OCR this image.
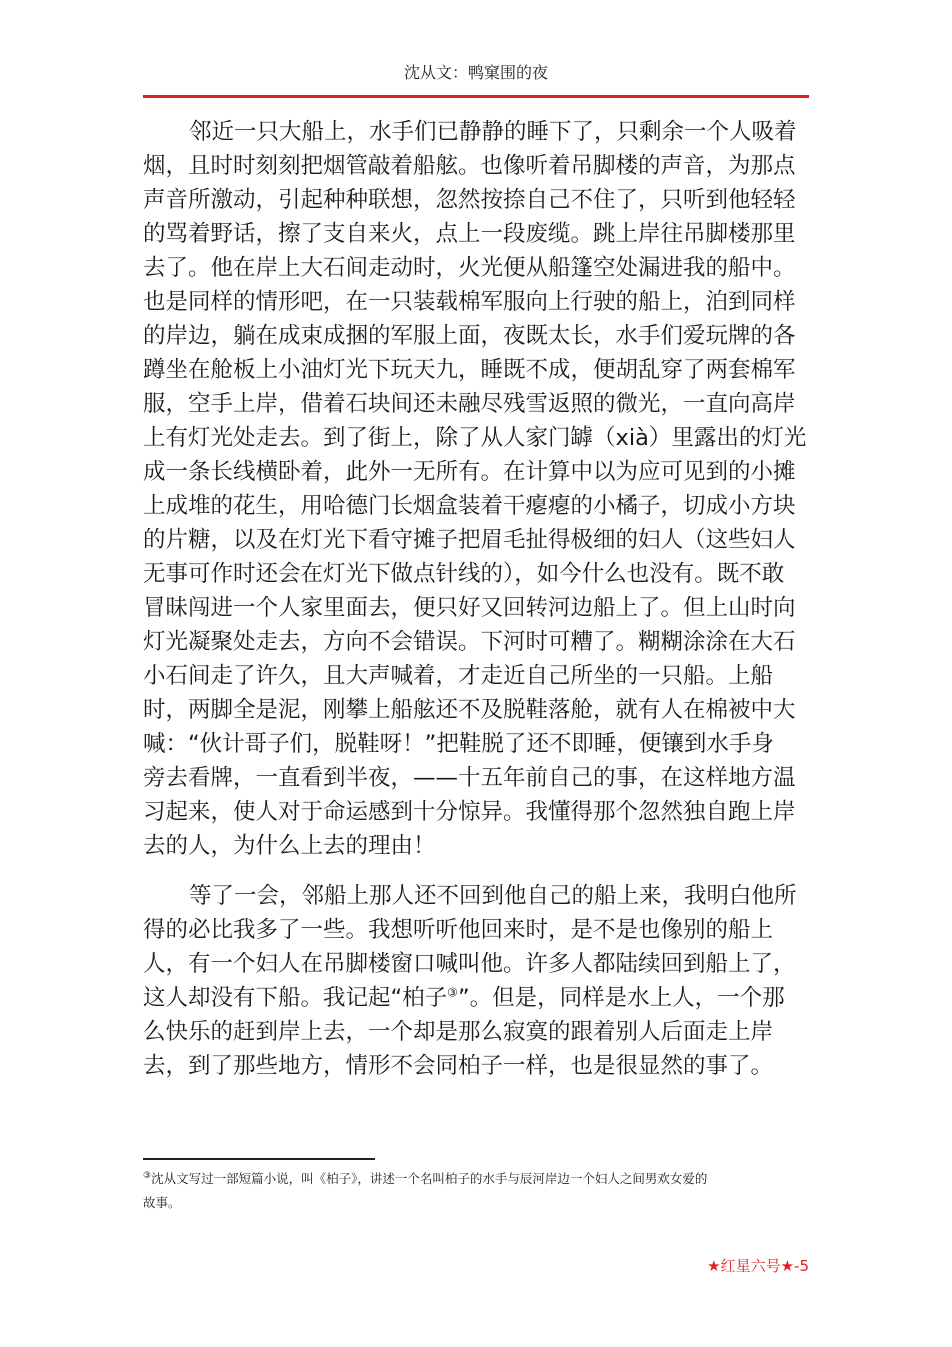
沈从文：鸭窠围的夜
邻近一只大船上，水手们已静静的睡下了，只剩余一个人吸着
烟，且时时刻刻把烟管敲着船舷。也像听着吊脚楼的声音，为那点
声音所激动，引起种种联想，忽然按捺自己不住了，只听到他轻轻
的骂着野话，擦了支自来火，点上一段废缆。跳上岸往吊脚楼那里
去了。他在岸上大石间走动时，火光便从船篷空处漏进我的船中。
也是同样的情形吧，在一只装载棉军服向上行驶的船上，泊到同样
的岸边，躺在成束成捆的军服上面，夜既太长，水手们爱玩牌的各
蹲坐在舱板上小油灯光下玩天九，睡既不成，便胡乱穿了两套棉军
服，空手上岸，借着石块间还未融尽残雪返照的微光，一直向高岸
上有灯光处走去。到了街上，除了从人家门罅（xià）里露出的灯光
成一条长线横卧着，此外一无所有。在计算中以为应可见到的小摊
上成堆的花生，用哈德门长烟盒装着干瘪瘪的小橘子，切成小方块
的片糖，以及在灯光下看守摊子把眉毛扯得极细的妇人（这些妇人
无事可作时还会在灯光下做点针线的），如今什么也没有。既不敢
冒昧闯进一个人家里面去，便只好又回转河边船上了。但上山时向
灯光凝聚处走去，方向不会错误。下河时可糟了。糊糊涂涂在大石
小石间走了许久，且大声喊着，才走近自己所坐的一只船。上船
时，两脚全是泥，刚攀上船舷还不及脱鞋落舱，就有人在棉被中大
喊：“伙计哥子们，脱鞋呀！”把鞋脱了还不即睡，便镶到水手身
旁去看牌，一直看到半夜，——十五年前自己的事，在这样地方温
习起来，使人对于命运感到十分惊异。我懂得那个忽然独自跑上岸
去的人，为什么上去的理由！
等了一会，邻船上那人还不回到他自己的船上来，我明白他所
得的必比我多了一些。我想听听他回来时，是不是也像别的船上
人，有一个妇人在吊脚楼窗口喊叫他。许多人都陆续回到船上了，
这人却没有下船。我记起“柏子③”。但是，同样是水上人，一个那
么快乐的赶到岸上去，一个却是那么寂寞的跟着别人后面走上岸
去，到了那些地方，情形不会同柏子一样，也是很显然的事了。
③沈从文写过一部短篇小说，叫《柏子》，讲述一个名叫柏子的水手与辰河岸边一个妇人之间男欢女爱的
故事。
★红星六号★-5
